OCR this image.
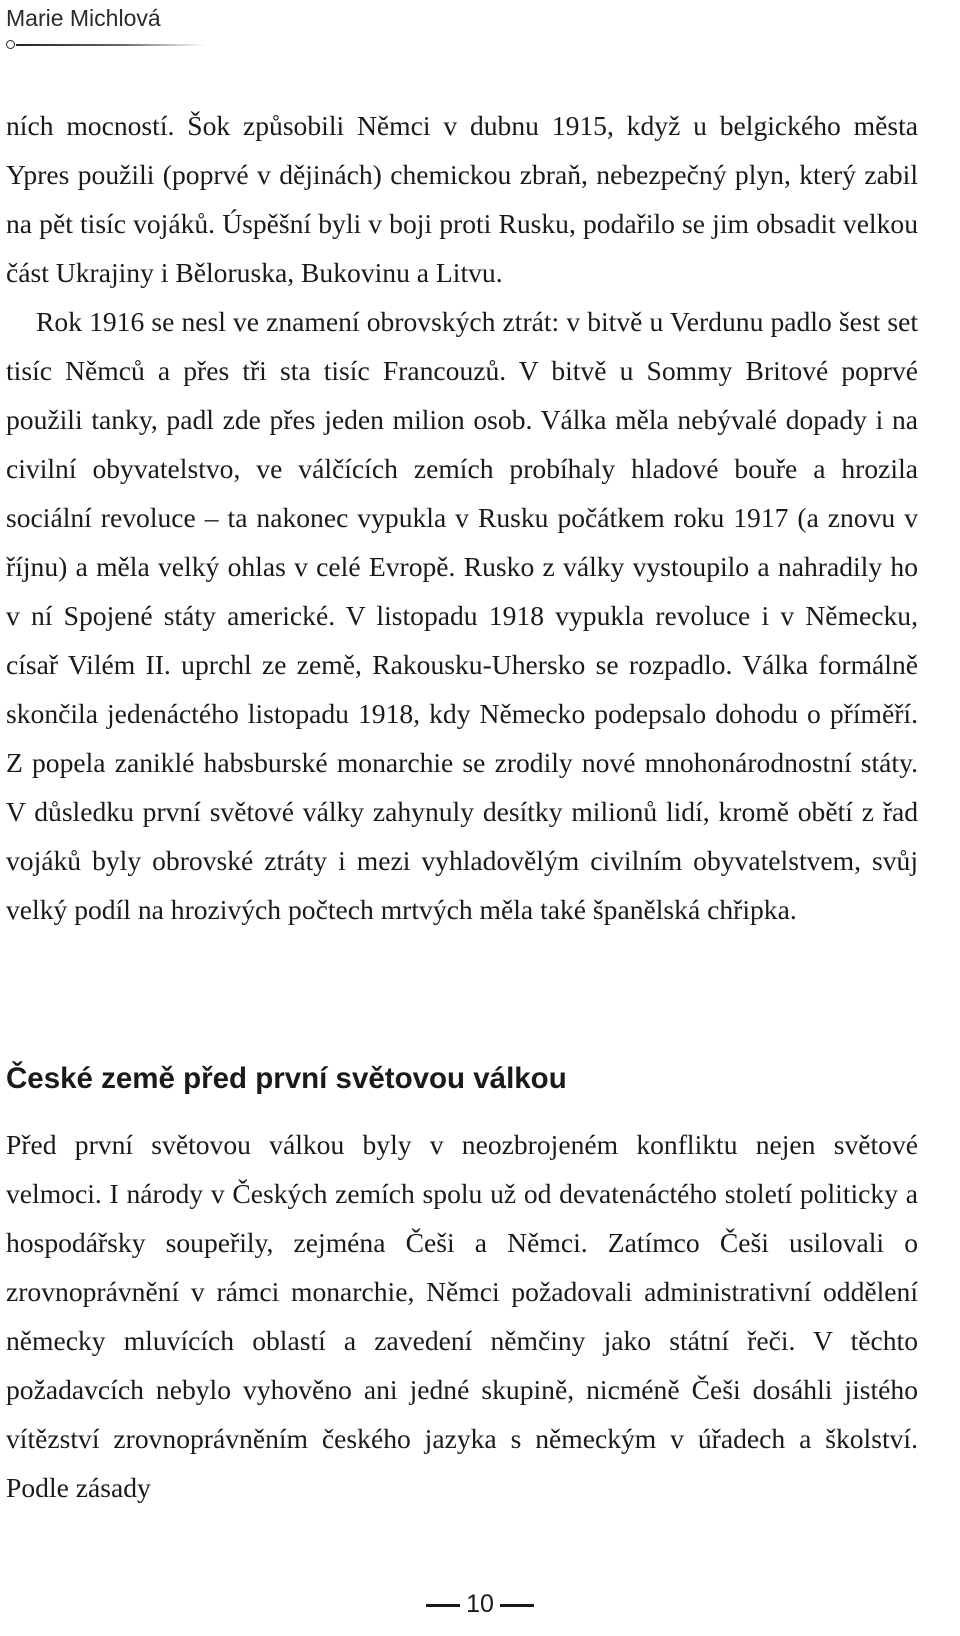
Marie Michlová

ních mocností. Šok způsobili Němci v dubnu 1915, když u belgického města Ypres použili (poprvé v dějinách) chemickou zbraň, nebezpečný plyn, který zabil na pět tisíc vojáků. Úspěšní byli v boji proti Rusku, podařilo se jim obsadit velkou část Ukrajiny i Běloruska, Bukovinu a Litvu.

Rok 1916 se nesl ve znamení obrovských ztrát: v bitvě u Verdunu padlo šest set tisíc Němců a přes tři sta tisíc Francouzů. V bitvě u Sommy Britové poprvé použili tanky, padl zde přes jeden milion osob. Válka měla nebývalé dopady i na civilní obyvatelstvo, ve válčících zemích probíhaly hladové bouře a hrozila sociální revoluce – ta nakonec vypukla v Rusku počátkem roku 1917 (a znovu v říjnu) a měla velký ohlas v celé Evropě. Rusko z války vystoupilo a nahradily ho v ní Spojené státy americké. V listopadu 1918 vypukla revoluce i v Německu, císař Vilém II. uprchl ze země, Rakousku-Uhersko se rozpadlo. Válka formálně skončila jedenáctého listopadu 1918, kdy Německo podepsalo dohodu o příměří. Z popela zaniklé habsburské monarchie se zrodily nové mnohonárodnostní státy. V důsledku první světové války zahynuly desítky milionů lidí, kromě obětí z řad vojáků byly obrovské ztráty i mezi vyhladovělým civilním obyvatelstvem, svůj velký podíl na hrozivých počtech mrtvých měla také španělská chřipka.

České země před první světovou válkou

Před první světovou válkou byly v neozbrojeném konfliktu nejen světové velmoci. I národy v Českých zemích spolu už od devatenáctého století politicky a hospodářsky soupeřily, zejména Češi a Němci. Zatímco Češi usilovali o zrovnoprávnění v rámci monarchie, Němci požadovali administrativní oddělení německy mluvících oblastí a zavedení němčiny jako státní řeči. V těchto požadavcích nebylo vyhověno ani jedné skupině, nicméně Češi dosáhli jistého vítězství zrovnoprávněním českého jazyka s německým v úřadech a školství. Podle zásady

10
